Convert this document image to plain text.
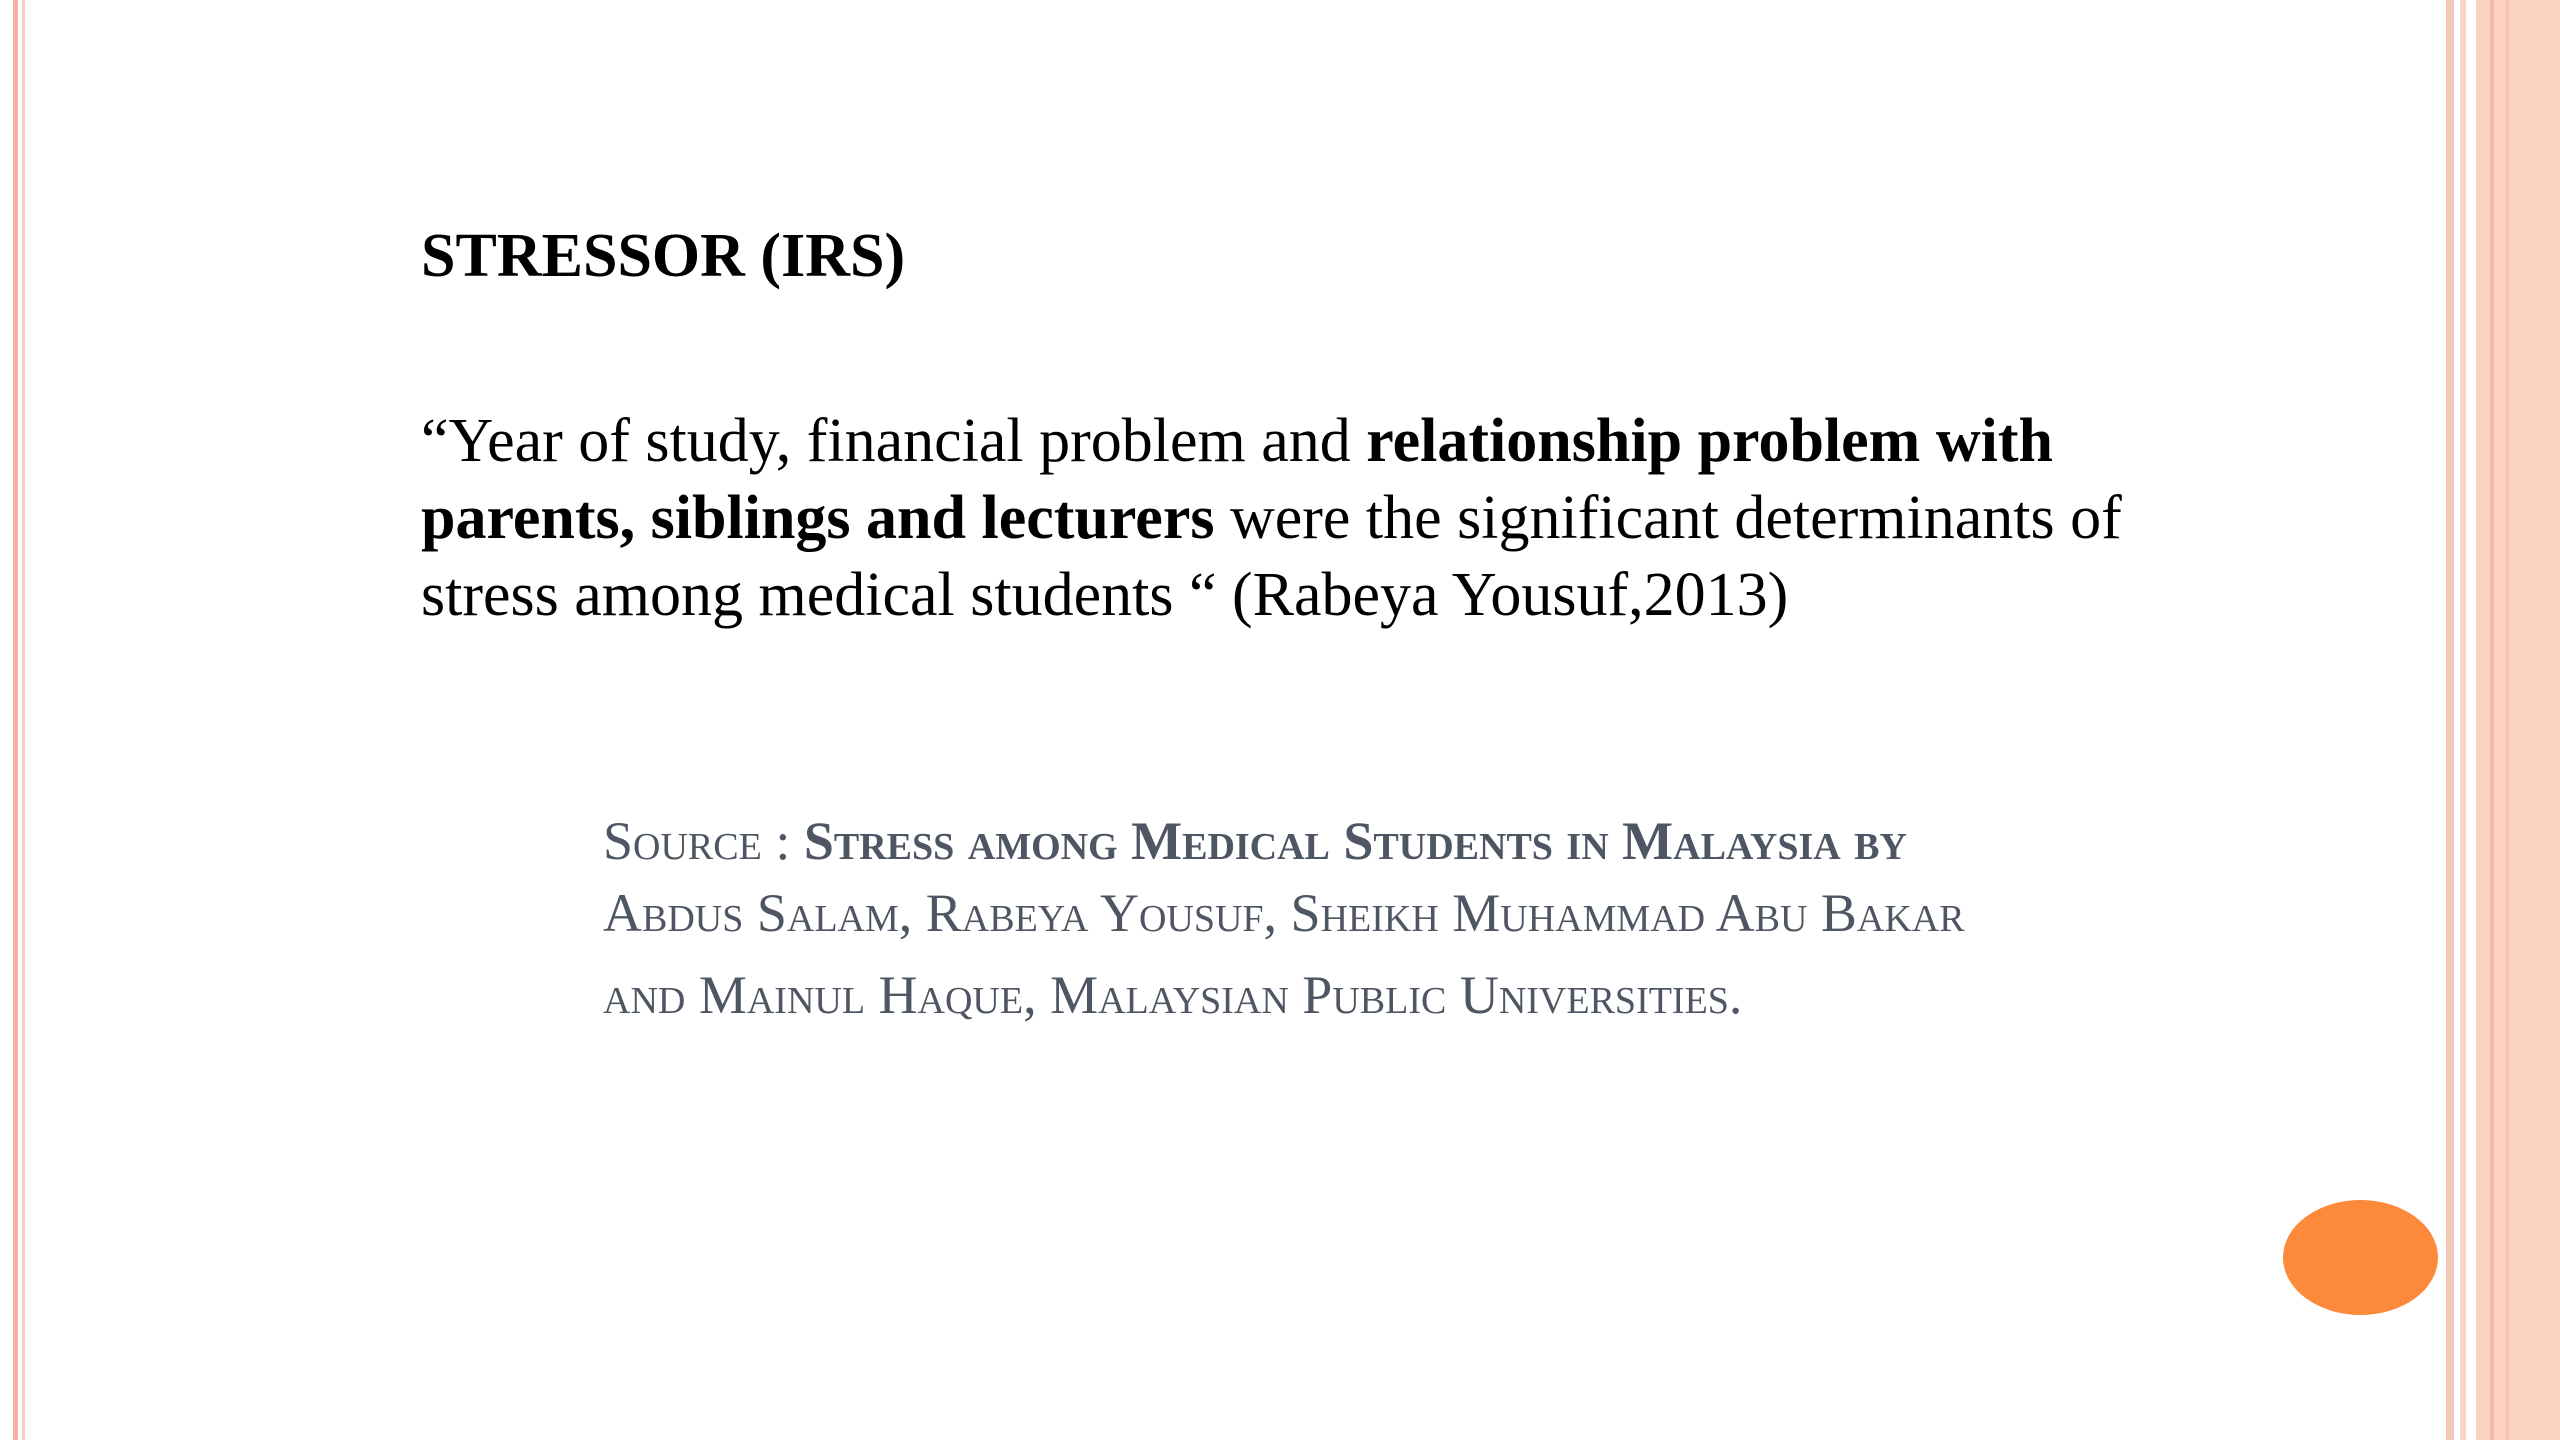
STRESSOR (IRS)
“Year of study, financial problem and relationship problem with parents, siblings and lecturers were the significant determinants of stress among medical students “ (Rabeya Yousuf,2013)
Source : Stress among Medical Students in Malaysia by
Abdus Salam, Rabeya Yousuf, Sheikh Muhammad Abu Bakar
and Mainul Haque, Malaysian Public Universities.
